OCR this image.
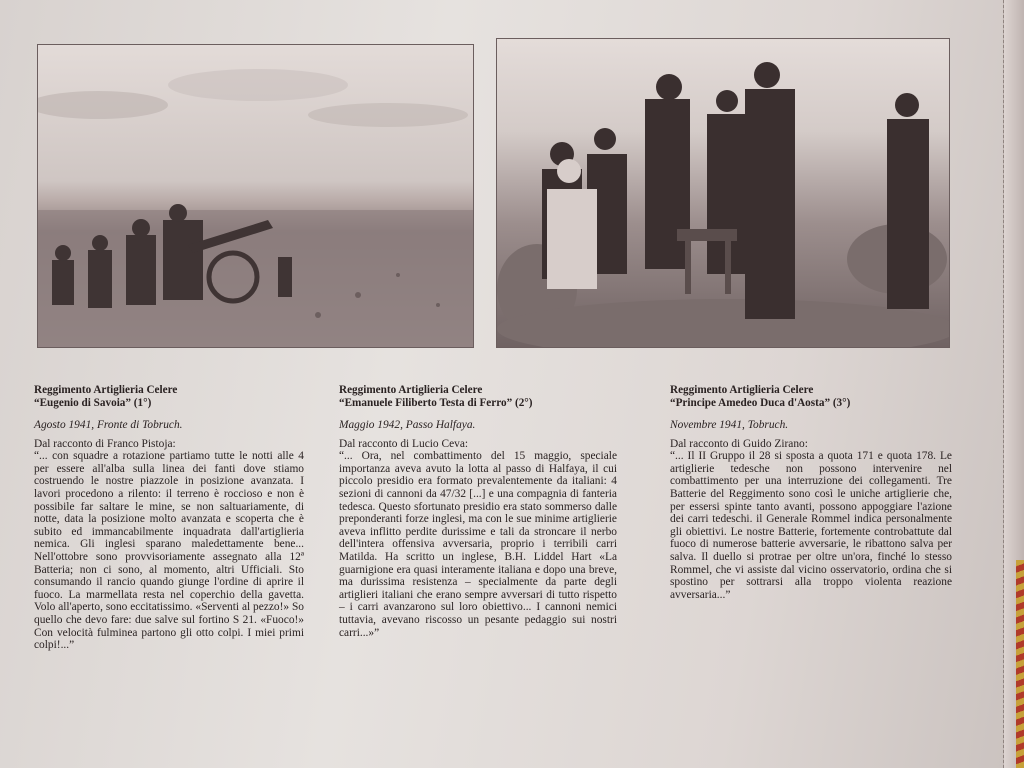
Reggimento Artiglieria Celere
“Eugenio di Savoia” (1°)
Agosto 1941, Fronte di Tobruch.
Dal racconto di Franco Pistoja:

“... con squadre a rotazione partiamo tutte le notti alle 4 per essere all'alba sulla linea dei fanti dove stiamo costruendo le nostre piazzole in posizione avanzata. I lavori procedono a rilento: il terreno è roccioso e non è possibile far saltare le mine, se non saltuariamente, di notte, data la posizione molto avanzata e scoperta che è subito ed immancabilmente inquadrata dall'artiglieria nemica. Gli inglesi sparano maledettamente bene... Nell'ottobre sono provvisoriamente assegnato alla 12ª Batteria; non ci sono, al momento, altri Ufficiali. Sto consumando il rancio quando giunge l'ordine di aprire il fuoco. La marmellata resta nel coperchio della gavetta. Volo all'aperto, sono eccitatissimo. «Serventi al pezzo!» So quello che devo fare: due salve sul fortino S 21. «Fuoco!» Con velocità fulminea partono gli otto colpi. I miei primi colpi!...”

Reggimento Artiglieria Celere
“Emanuele Filiberto Testa di Ferro” (2°)
Maggio 1942, Passo Halfaya.
Dal racconto di Lucio Ceva:

“... Ora, nel combattimento del 15 maggio, speciale importanza aveva avuto la lotta al passo di Halfaya, il cui piccolo presidio era formato prevalentemente da italiani: 4 sezioni di cannoni da 47/32 [...] e una compagnia di fanteria tedesca. Questo sfortunato presidio era stato sommerso dalle preponderanti forze inglesi, ma con le sue minime artiglierie aveva inflitto perdite durissime e tali da stroncare il nerbo dell'intera offensiva avversaria, proprio i terribili carri Matilda. Ha scritto un inglese, B.H. Liddel Hart «La guarnigione era quasi interamente italiana e dopo una breve, ma durissima resistenza – specialmente da parte degli artiglieri italiani che erano sempre avversari di tutto rispetto – i carri avanzarono sul loro obiettivo... I cannoni nemici tuttavia, avevano riscosso un pesante pedaggio sui nostri carri...»”

Reggimento Artiglieria Celere
“Principe Amedeo Duca d'Aosta” (3°)
Novembre 1941, Tobruch.
Dal racconto di Guido Zirano:

“... Il II Gruppo il 28 si sposta a quota 171 e quota 178. Le artiglierie tedesche non possono intervenire nel combattimento per una interruzione dei collegamenti. Tre Batterie del Reggimento sono così le uniche artiglierie che, per essersi spinte tanto avanti, possono appoggiare l'azione dei carri tedeschi. il Generale Rommel indica personalmente gli obiettivi. Le nostre Batterie, fortemente controbattute dal fuoco di numerose batterie avversarie, le ribattono salva per salva. Il duello si protrae per oltre un'ora, finché lo stesso Rommel, che vi assiste dal vicino osservatorio, ordina che si spostino per sottrarsi alla troppo violenta reazione avversaria...”
